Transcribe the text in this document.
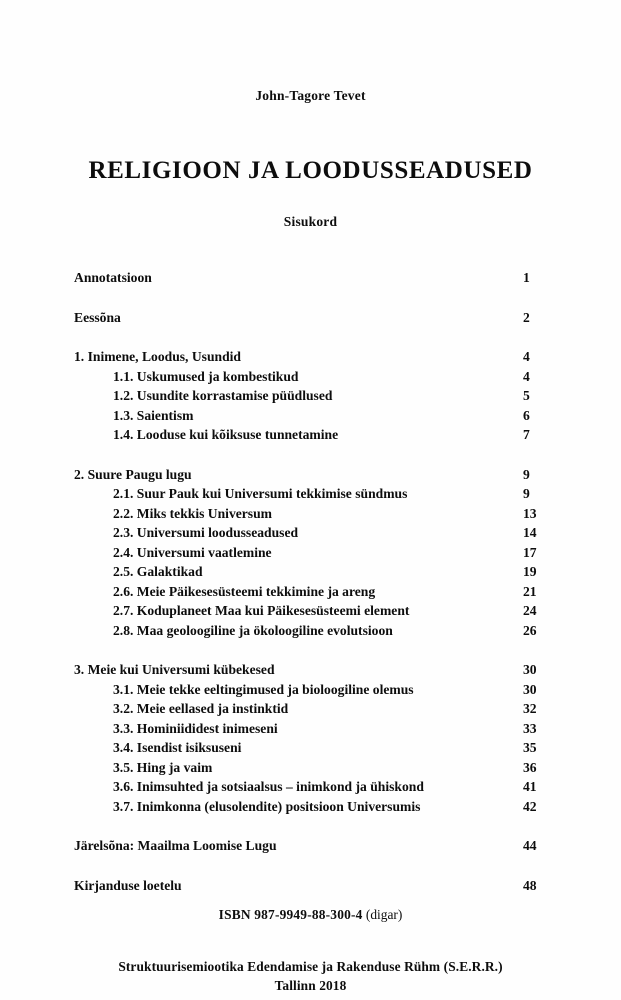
John-Tagore Tevet
RELIGIOON JA LOODUSSEADUSED
Sisukord
Annotatsioon	1
Eessõna	2
1. Inimene, Loodus, Usundid	4
1.1. Uskumused ja kombestikud	4
1.2. Usundite korrastamise püüdlused	5
1.3. Saientism	6
1.4. Looduse kui kõiksuse tunnetamine	7
2. Suure Paugu lugu	9
2.1. Suur Pauk kui Universumi tekkimise sündmus	9
2.2. Miks tekkis Universum	13
2.3. Universumi loodusseadused	14
2.4. Universumi vaatlemine	17
2.5. Galaktikad	19
2.6. Meie Päikesesüsteemi tekkimine ja areng	21
2.7. Koduplaneet Maa kui Päikesesüsteemi element	24
2.8. Maa geoloogiline ja ökoloogiline evolutsioon	26
3. Meie kui Universumi kübekesed	30
3.1. Meie tekke eeltingimused ja bioloogiline olemus	30
3.2. Meie eellased ja instinktid	32
3.3. Hominiididest inimeseni	33
3.4. Isendist isiksuseni	35
3.5. Hing ja vaim	36
3.6. Inimsuhted ja sotsiaalsus – inimkond ja ühiskond	41
3.7. Inimkonna (elusolendite) positsioon Universumis	42
Järelsõna: Maailma Loomise Lugu	44
Kirjanduse loetelu	48
ISBN 987-9949-88-300-4 (digar)
Struktuurisemiootika Edendamise ja Rakenduse Rühm (S.E.R.R.)
Tallinn 2018
